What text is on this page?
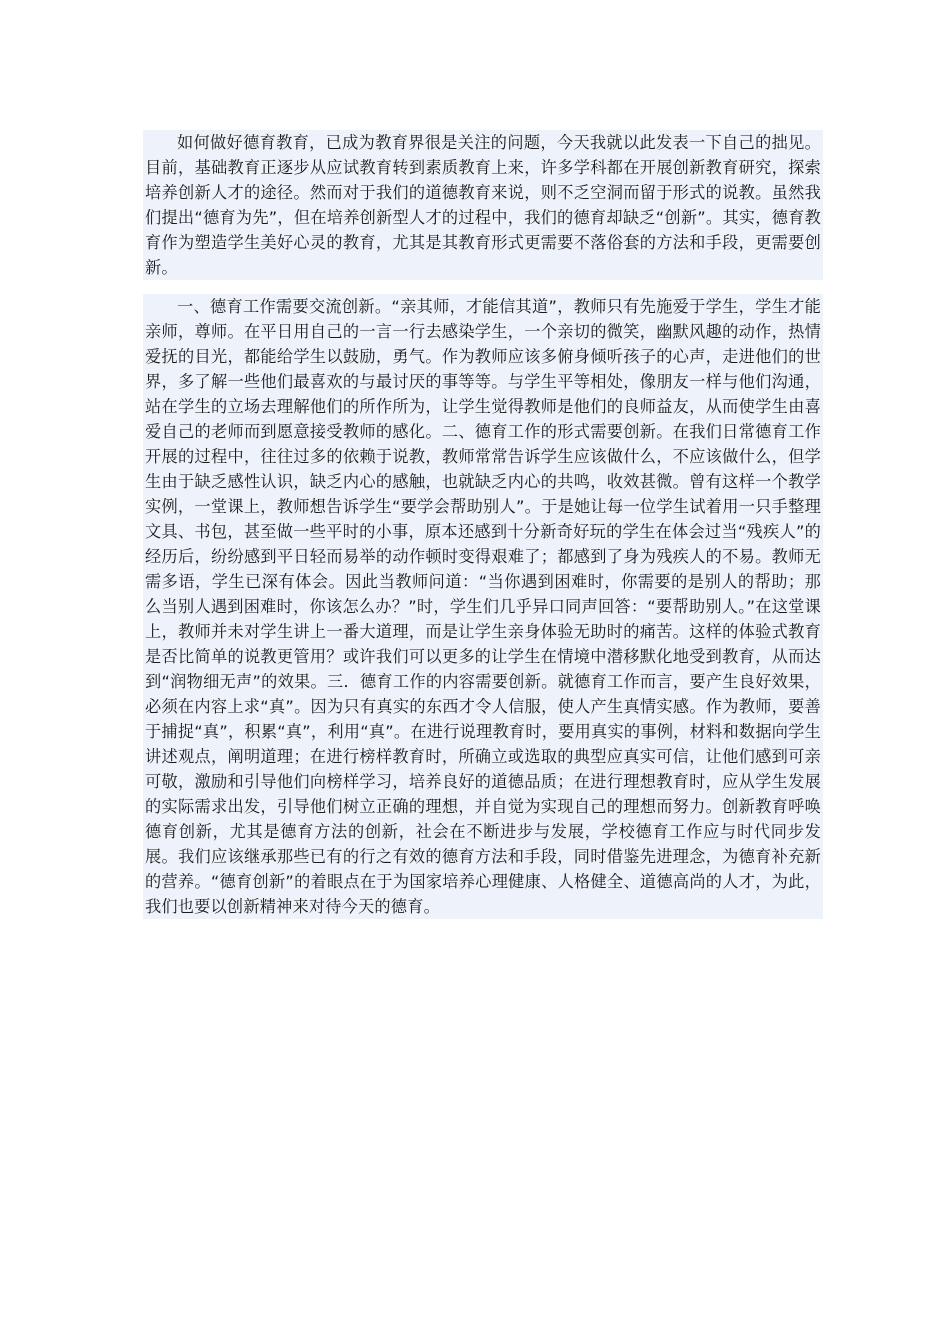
如何做好德育教育，已成为教育界很是关注的问题，今天我就以此发表一下自己的拙见。目前，基础教育正逐步从应试教育转到素质教育上来，许多学科都在开展创新教育研究，探索培养创新人才的途径。然而对于我们的道德教育来说，则不乏空洞而留于形式的说教。虽然我们提出“德育为先”，但在培养创新型人才的过程中，我们的德育却缺乏“创新”。其实，德育教育作为塑造学生美好心灵的教育，尤其是其教育形式更需要不落俗套的方法和手段，更需要创新。

一、德育工作需要交流创新。“亲其师，才能信其道”，教师只有先施爱于学生，学生才能亲师，尊师。在平日用自己的一言一行去感染学生，一个亲切的微笑，幽默风趣的动作，热情爱抚的目光，都能给学生以鼓励，勇气。作为教师应该多俯身倾听孩子的心声，走进他们的世界，多了解一些他们最喜欢的与最讨厌的事等等。与学生平等相处，像朋友一样与他们沟通，站在学生的立场去理解他们的所作所为，让学生觉得教师是他们的良师益友，从而使学生由喜爱自己的老师而到愿意接受教师的感化。二、德育工作的形式需要创新。在我们日常德育工作开展的过程中，往往过多的依赖于说教，教师常常告诉学生应该做什么，不应该做什么，但学生由于缺乏感性认识，缺乏内心的感触，也就缺乏内心的共鸣，收效甚微。曾有这样一个教学实例，一堂课上，教师想告诉学生“要学会帮助别人”。于是她让每一位学生试着用一只手整理文具、书包，甚至做一些平时的小事，原本还感到十分新奇好玩的学生在体会过当“残疾人”的经历后，纷纷感到平日轻而易举的动作顿时变得艰难了；都感到了身为残疾人的不易。教师无需多语，学生已深有体会。因此当教师问道：“当你遇到困难时，你需要的是别人的帮助；那么当别人遇到困难时，你该怎么办？”时，学生们几乎异口同声回答：“要帮助别人。”在这堂课上，教师并未对学生讲上一番大道理，而是让学生亲身体验无助时的痛苦。这样的体验式教育是否比简单的说教更管用？或许我们可以更多的让学生在情境中潜移默化地受到教育，从而达到“润物细无声”的效果。三．德育工作的内容需要创新。就德育工作而言，要产生良好效果，必须在内容上求“真”。因为只有真实的东西才令人信服，使人产生真情实感。作为教师，要善于捕捉“真”，积累“真”，利用“真”。在进行说理教育时，要用真实的事例，材料和数据向学生讲述观点，阐明道理；在进行榜样教育时，所确立或选取的典型应真实可信，让他们感到可亲可敬，激励和引导他们向榜样学习，培养良好的道德品质；在进行理想教育时，应从学生发展的实际需求出发，引导他们树立正确的理想，并自觉为实现自己的理想而努力。创新教育呼唤德育创新，尤其是德育方法的创新，社会在不断进步与发展，学校德育工作应与时代同步发展。我们应该继承那些已有的行之有效的德育方法和手段，同时借鉴先进理念，为德育补充新的营养。“德育创新”的着眼点在于为国家培养心理健康、人格健全、道德高尚的人才，为此，我们也要以创新精神来对待今天的德育。
